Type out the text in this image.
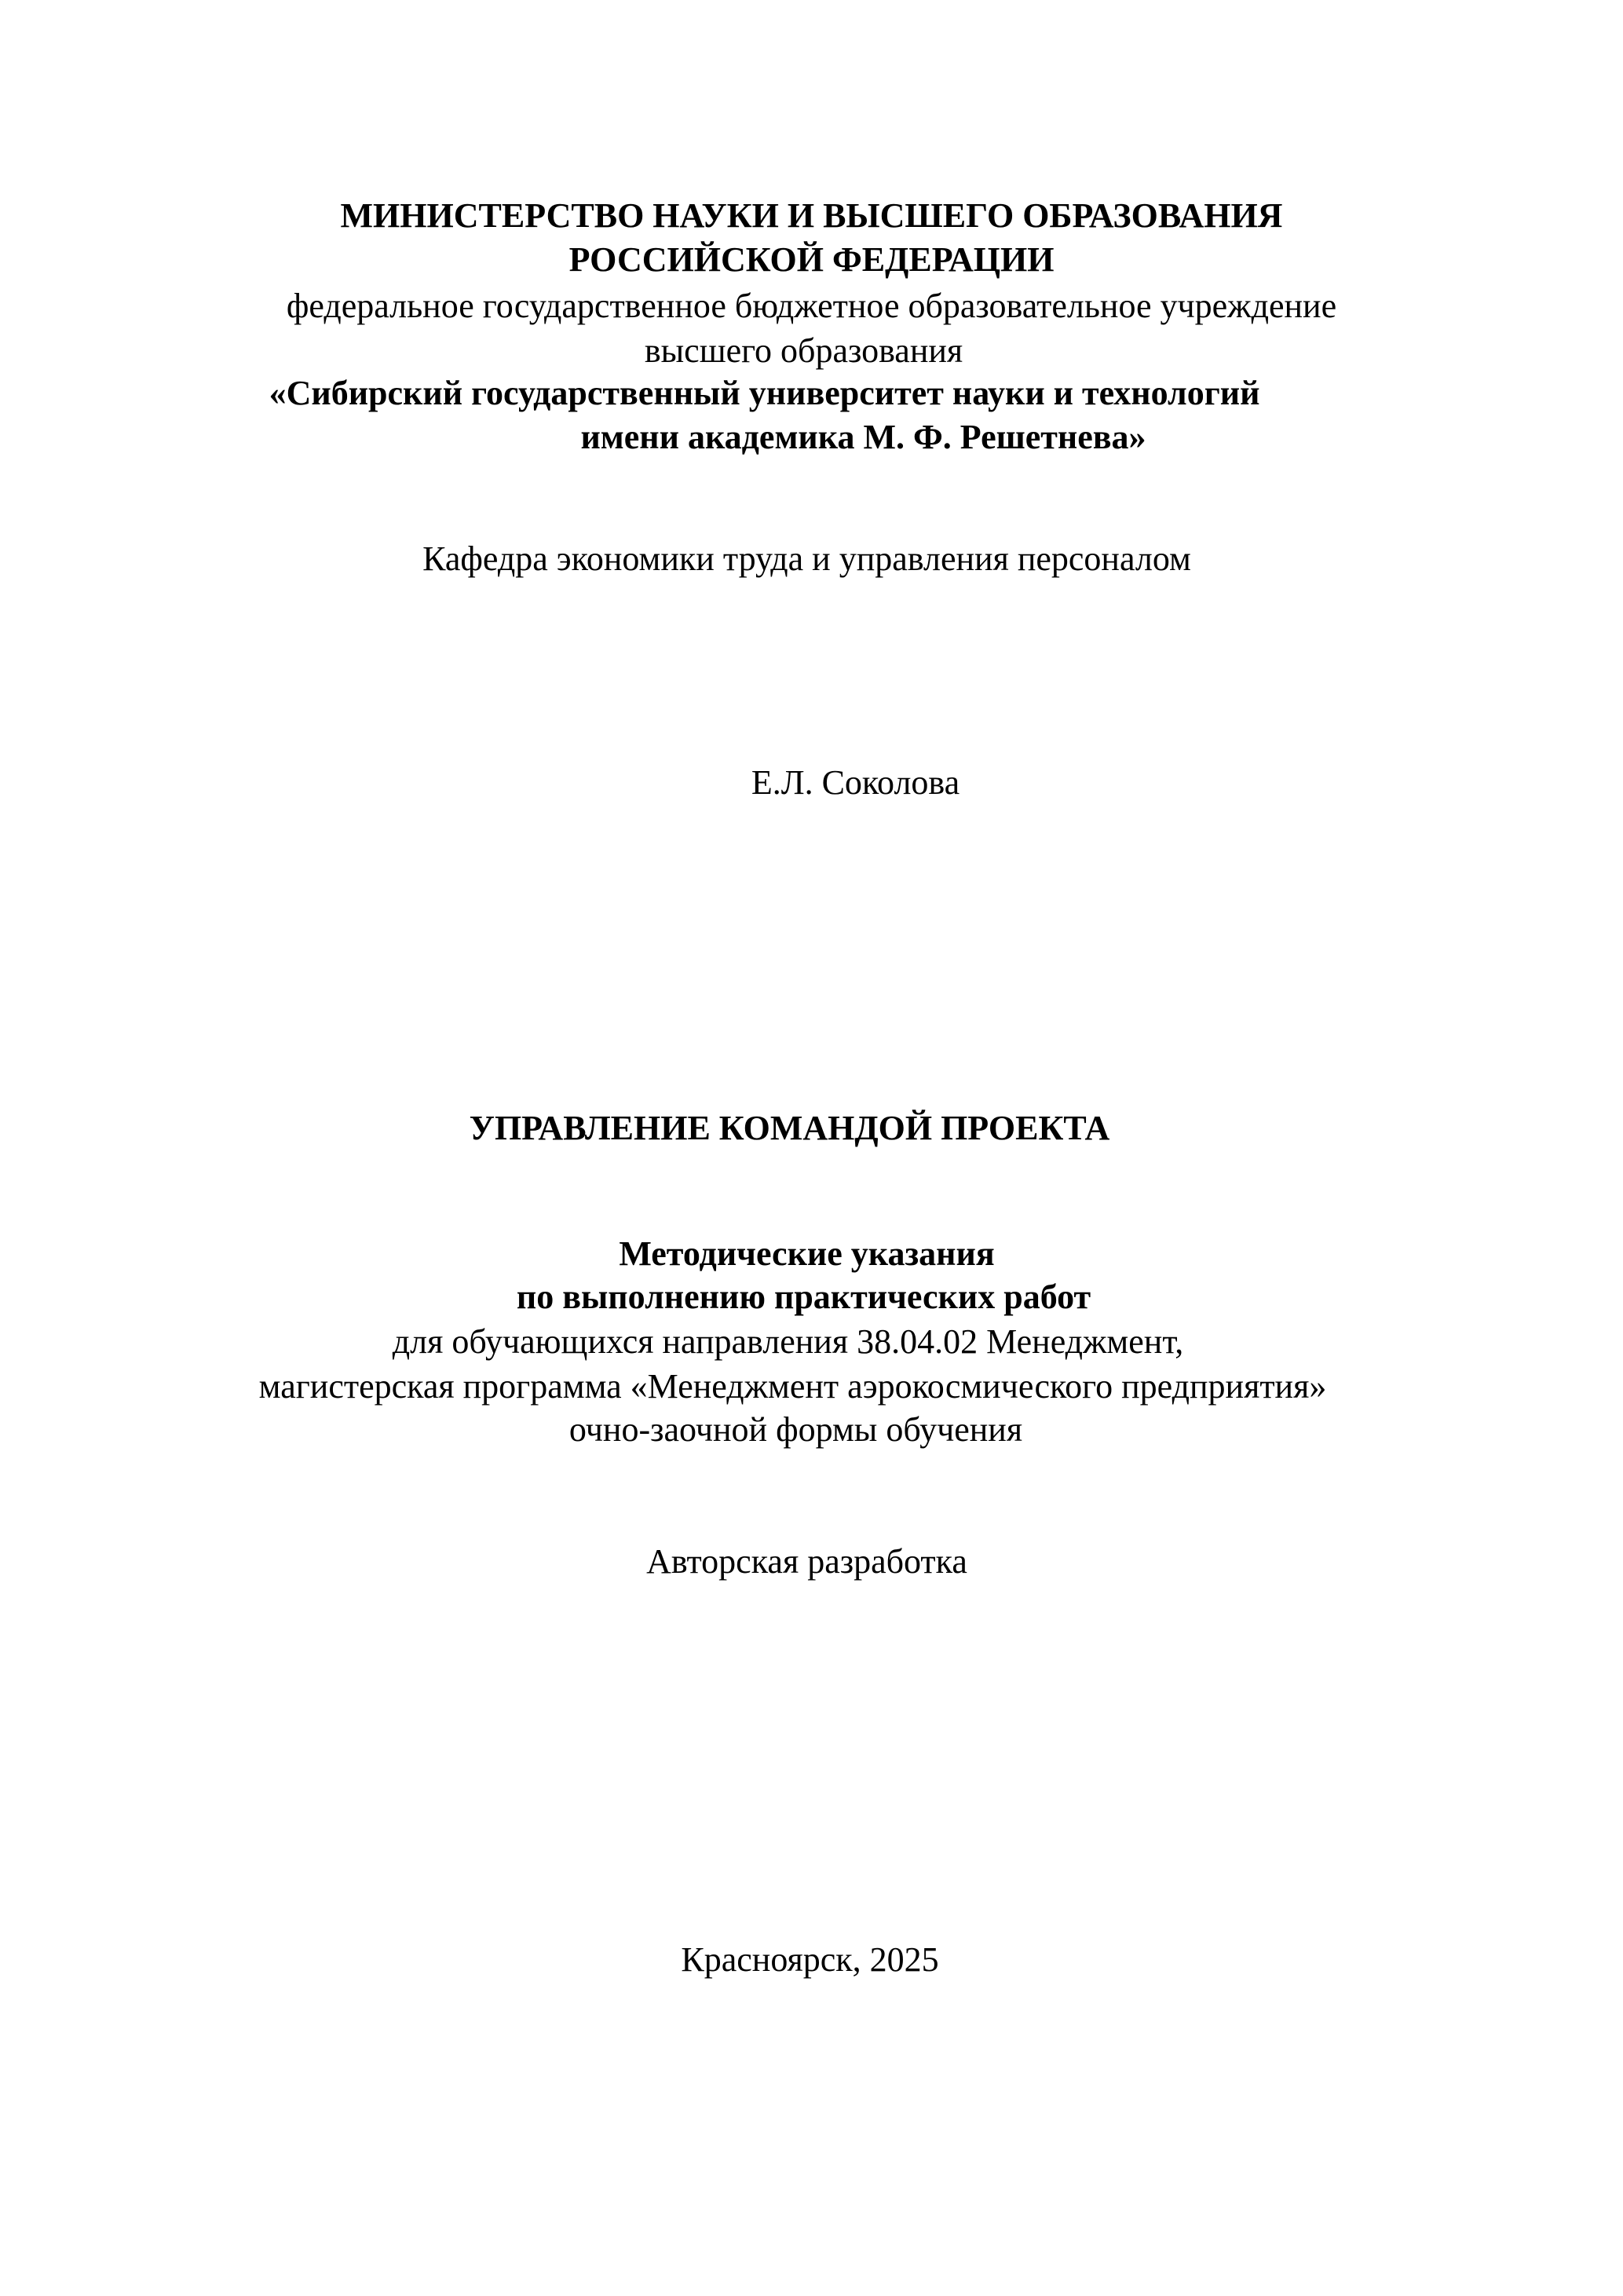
МИНИСТЕРСТВО НАУКИ И ВЫСШЕГО ОБРАЗОВАНИЯ
РОССИЙСКОЙ ФЕДЕРАЦИИ
федеральное государственное бюджетное образовательное учреждение
высшего образования
«Сибирский государственный университет науки и технологий
имени академика М. Ф. Решетнева»
Кафедра экономики труда и управления персоналом
Е.Л. Соколова
УПРАВЛЕНИЕ КОМАНДОЙ ПРОЕКТА
Методические указания
по выполнению практических работ
для обучающихся направления 38.04.02 Менеджмент,
магистерская программа «Менеджмент аэрокосмического предприятия»
очно-заочной формы обучения
Авторская разработка
Красноярск, 2025
